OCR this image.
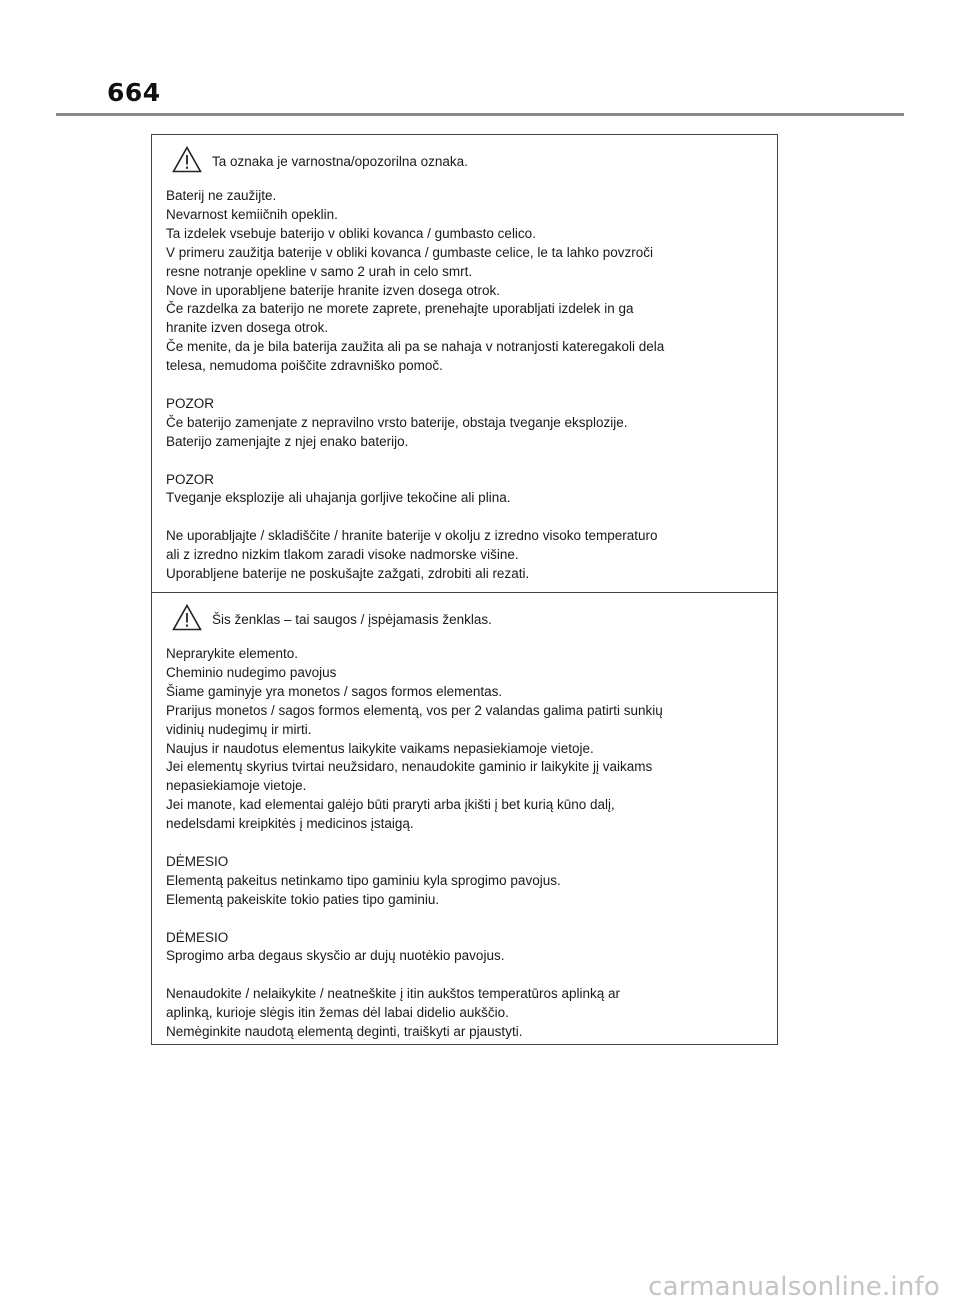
664
Ta oznaka je varnostna/opozorilna oznaka.
Baterij ne zaužijte.
Nevarnost kemiičnih opeklin.
Ta izdelek vsebuje baterijo v obliki kovanca / gumbasto celico.
V primeru zaužitja baterije v obliki kovanca / gumbaste celice, le ta lahko povzroči
resne notranje opekline v samo 2 urah in celo smrt.
Nove in uporabljene baterije hranite izven dosega otrok.
Če razdelka za baterijo ne morete zaprete, prenehajte uporabljati izdelek in ga
hranite izven dosega otrok.
Če menite, da je bila baterija zaužita ali pa se nahaja v notranjosti kateregakoli dela
telesa, nemudoma poiščite zdravniško pomoč.
POZOR
Če baterijo zamenjate z nepravilno vrsto baterije, obstaja tveganje eksplozije.
Baterijo zamenjajte z njej enako baterijo.
POZOR
Tveganje eksplozije ali uhajanja gorljive tekočine ali plina.
Ne uporabljajte / skladiščite / hranite baterije v okolju z izredno visoko temperaturo
ali z izredno nizkim tlakom zaradi visoke nadmorske višine.
Uporabljene baterije ne poskušajte zažgati, zdrobiti ali rezati.
Šis ženklas – tai saugos / įspėjamasis ženklas.
Neprarykite elemento.
Cheminio nudegimo pavojus
Šiame gaminyje yra monetos / sagos formos elementas.
Prarijus monetos / sagos formos elementą, vos per 2 valandas galima patirti sunkių
vidinių nudegimų ir mirti.
Naujus ir naudotus elementus laikykite vaikams nepasiekiamoje vietoje.
Jei elementų skyrius tvirtai neužsidaro, nenaudokite gaminio ir laikykite jį vaikams
nepasiekiamoje vietoje.
Jei manote, kad elementai galėjo būti praryti arba įkišti į bet kurią kūno dalį,
nedelsdami kreipkitės į medicinos įstaigą.
DĖMESIO
Elementą pakeitus netinkamo tipo gaminiu kyla sprogimo pavojus.
Elementą pakeiskite tokio paties tipo gaminiu.
DĖMESIO
Sprogimo arba degaus skysčio ar dujų nuotėkio pavojus.
Nenaudokite / nelaikykite / neatneškite į itin aukštos temperatūros aplinką ar
aplinką, kurioje slėgis itin žemas dėl labai didelio aukščio.
Nemėginkite naudotą elementą deginti, traiškyti ar pjaustyti.
carmanualsonline.info
